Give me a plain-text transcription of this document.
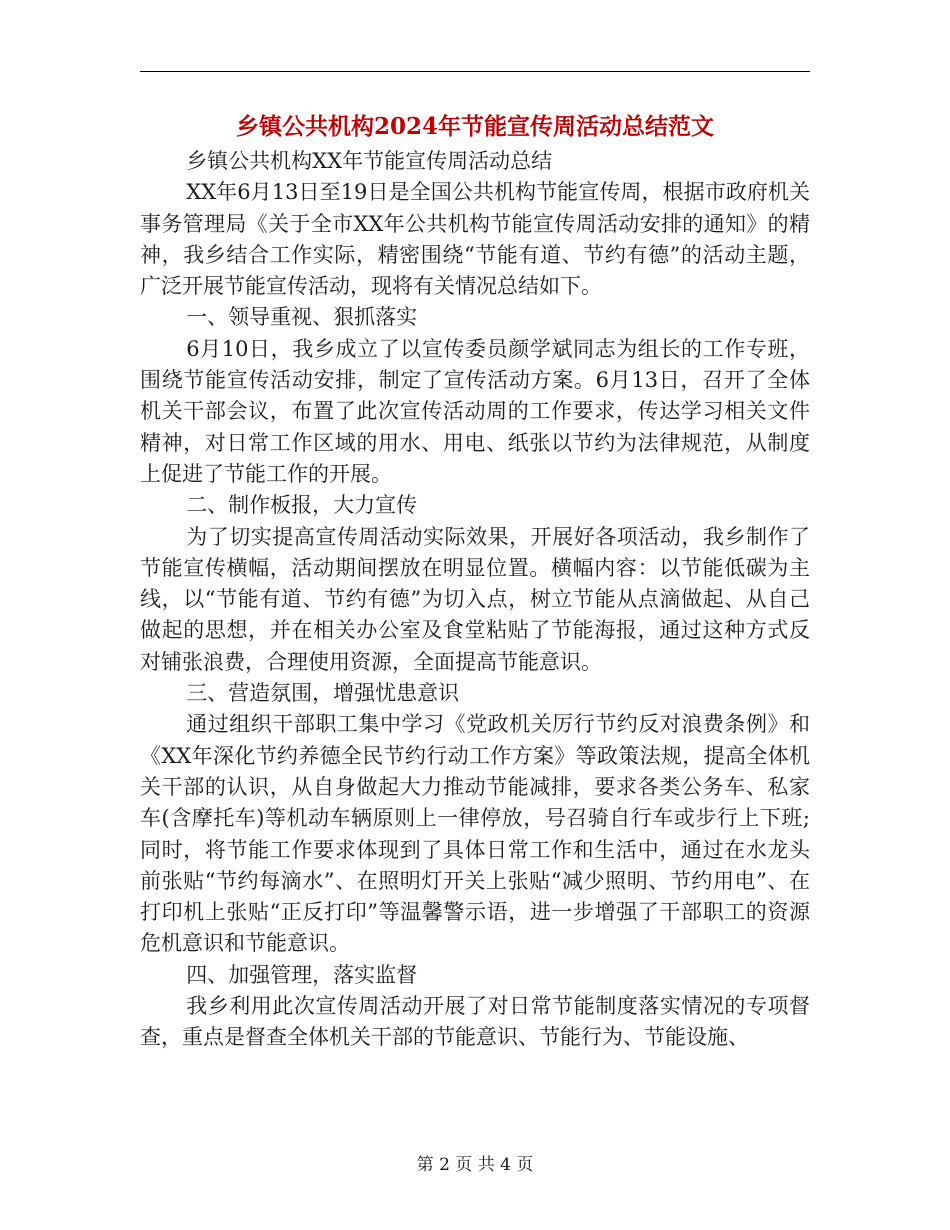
乡镇公共机构2024年节能宣传周活动总结范文

乡镇公共机构XX年节能宣传周活动总结

XX年6月13日至19日是全国公共机构节能宣传周，根据市政府机关事务管理局《关于全市XX年公共机构节能宣传周活动安排的通知》的精神，我乡结合工作实际，精密围绕“节能有道、节约有德”的活动主题，广泛开展节能宣传活动，现将有关情况总结如下。

一、领导重视、狠抓落实

6月10日，我乡成立了以宣传委员颜学斌同志为组长的工作专班，围绕节能宣传活动安排，制定了宣传活动方案。6月13日，召开了全体机关干部会议，布置了此次宣传活动周的工作要求，传达学习相关文件精神，对日常工作区域的用水、用电、纸张以节约为法律规范，从制度上促进了节能工作的开展。

二、制作板报，大力宣传

为了切实提高宣传周活动实际效果，开展好各项活动，我乡制作了节能宣传横幅，活动期间摆放在明显位置。横幅内容：以节能低碳为主线，以“节能有道、节约有德”为切入点，树立节能从点滴做起、从自己做起的思想，并在相关办公室及食堂粘贴了节能海报，通过这种方式反对铺张浪费，合理使用资源，全面提高节能意识。

三、营造氛围，增强忧患意识

通过组织干部职工集中学习《党政机关厉行节约反对浪费条例》和《XX年深化节约养德全民节约行动工作方案》等政策法规，提高全体机关干部的认识，从自身做起大力推动节能减排，要求各类公务车、私家车(含摩托车)等机动车辆原则上一律停放，号召骑自行车或步行上下班;同时，将节能工作要求体现到了具体日常工作和生活中，通过在水龙头前张贴“节约每滴水”、在照明灯开关上张贴“减少照明、节约用电”、在打印机上张贴“正反打印”等温馨警示语，进一步增强了干部职工的资源危机意识和节能意识。

四、加强管理，落实监督

我乡利用此次宣传周活动开展了对日常节能制度落实情况的专项督查，重点是督查全体机关干部的节能意识、节能行为、节能设施、

第 2 页 共 4 页
